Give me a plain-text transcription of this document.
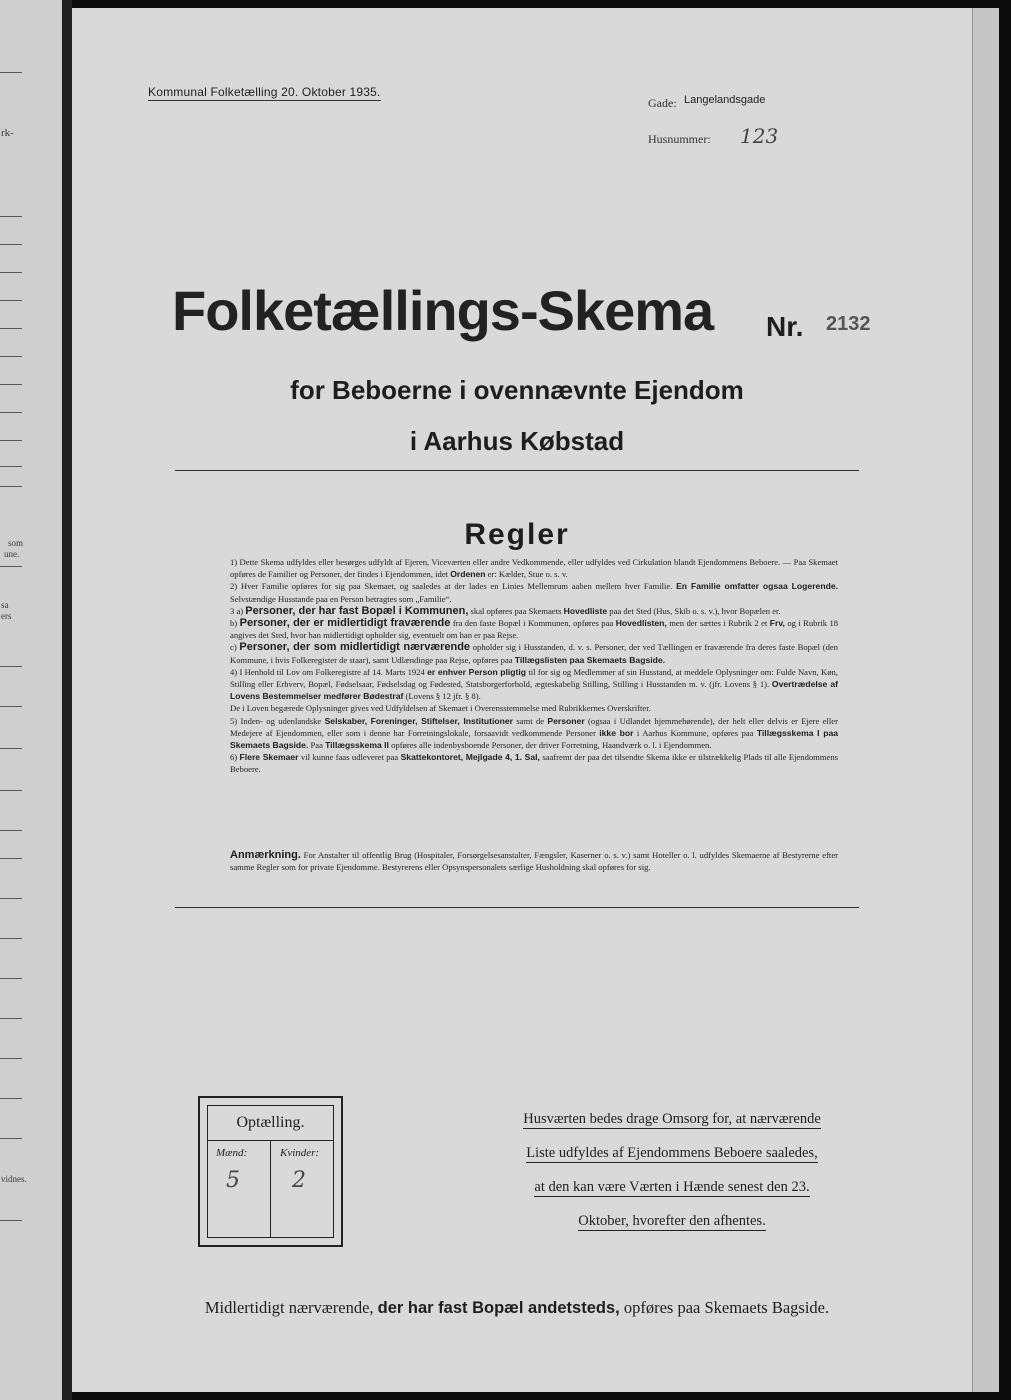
rk-
som
une.
sa
ers
vidnes.
Kommunal Folketælling 20. Oktober 1935.
Gade: Langelandsgade
Husnummer: 123
Folketællings-Skema Nr. 2132
for Beboerne i ovennævnte Ejendom
i Aarhus Købstad
Regler

1) Dette Skema udfyldes eller besørges udfyldt af Ejeren, Viceværten eller andre Vedkommende, eller udfyldes ved Cirkulation blandt Ejendommens Beboere. — Paa Skemaet opføres de Familier og Personer, der findes i Ejendommen, idet Ordenen er: Kælder, Stue o. s. v.

2) Hver Familie opføres for sig paa Skemaet, og saaledes at der lades en Linies Mellemrum aaben mellem hver Familie. En Familie omfatter ogsaa Logerende. Selvstændige Husstande paa en Person betragtes som „Familie“.

3 a) Personer, der har fast Bopæl i Kommunen, skal opføres paa Skemaets Hovedliste paa det Sted (Hus, Skib o. s. v.), hvor Bopælen er.

b) Personer, der er midlertidigt fraværende fra den faste Bopæl i Kommunen, opføres paa Hovedlisten, men der sættes i Rubrik 2 et Frv, og i Rubrik 18 angives det Sted, hvor han midlertidigt opholder sig, eventuelt om han er paa Rejse.

c) Personer, der som midlertidigt nærværende opholder sig i Husstanden, d. v. s. Personer, der ved Tællingen er fraværende fra deres faste Bopæl (den Kommune, i hvis Folkeregister de staar), samt Udlændinge paa Rejse, opføres paa Tillægslisten paa Skemaets Bagside.

4) I Henhold til Lov om Folkeregistre af 14. Marts 1924 er enhver Person pligtig til for sig og Medlemmer af sin Husstand, at meddele Oplysninger om: Fulde Navn, Køn, Stilling eller Erhverv, Bopæl, Fødselsaar, Fødselsdag og Fødested, Statsborgerforhold, ægteskabelig Stilling, Stilling i Husstanden m. v. (jfr. Lovens § 1). Overtrædelse af Lovens Bestemmelser medfører Bødestraf (Lovens § 12 jfr. § 8).

De i Loven begærede Oplysninger gives ved Udfyldelsen af Skemaet i Overensstemmelse med Rubrikkernes Overskrifter.

5) Inden- og udenlandske Selskaber, Foreninger, Stiftelser, Institutioner samt de Personer (ogsaa i Udlandet hjemmehørende), der helt eller delvis er Ejere eller Medejere af Ejendommen, eller som i denne har Forretningslokale, forsaavidt vedkommende Personer ikke bor i Aarhus Kommune, opføres paa Tillægsskema I paa Skemaets Bagside. Paa Tillægsskema II opføres alle indenbysboende Personer, der driver Forretning, Haandværk o. l. i Ejendommen.

6) Flere Skemaer vil kunne faas udleveret paa Skattekontoret, Mejlgade 4, 1. Sal, saafremt der paa det tilsendte Skema ikke er tilstrækkelig Plads til alle Ejendommens Beboere.

Anmærkning. For Anstalter til offentlig Brug (Hospitaler, Forsørgelsesanstalter, Fængsler, Kaserner o. s. v.) samt Hoteller o. l. udfyldes Skemaerne af Bestyrerne efter samme Regler som for private Ejendomme. Bestyrerens eller Opsynspersonalets særlige Husholdning skal opføres for sig.
Optælling.
Mænd:	Kvinder:
5 2
Husværten bedes drage Omsorg for, at nærværende
Liste udfyldes af Ejendommens Beboere saaledes,
at den kan være Værten i Hænde senest den 23.
Oktober, hvorefter den afhentes.
Midlertidigt nærværende, der har fast Bopæl andetsteds, opføres paa Skemaets Bagside.
